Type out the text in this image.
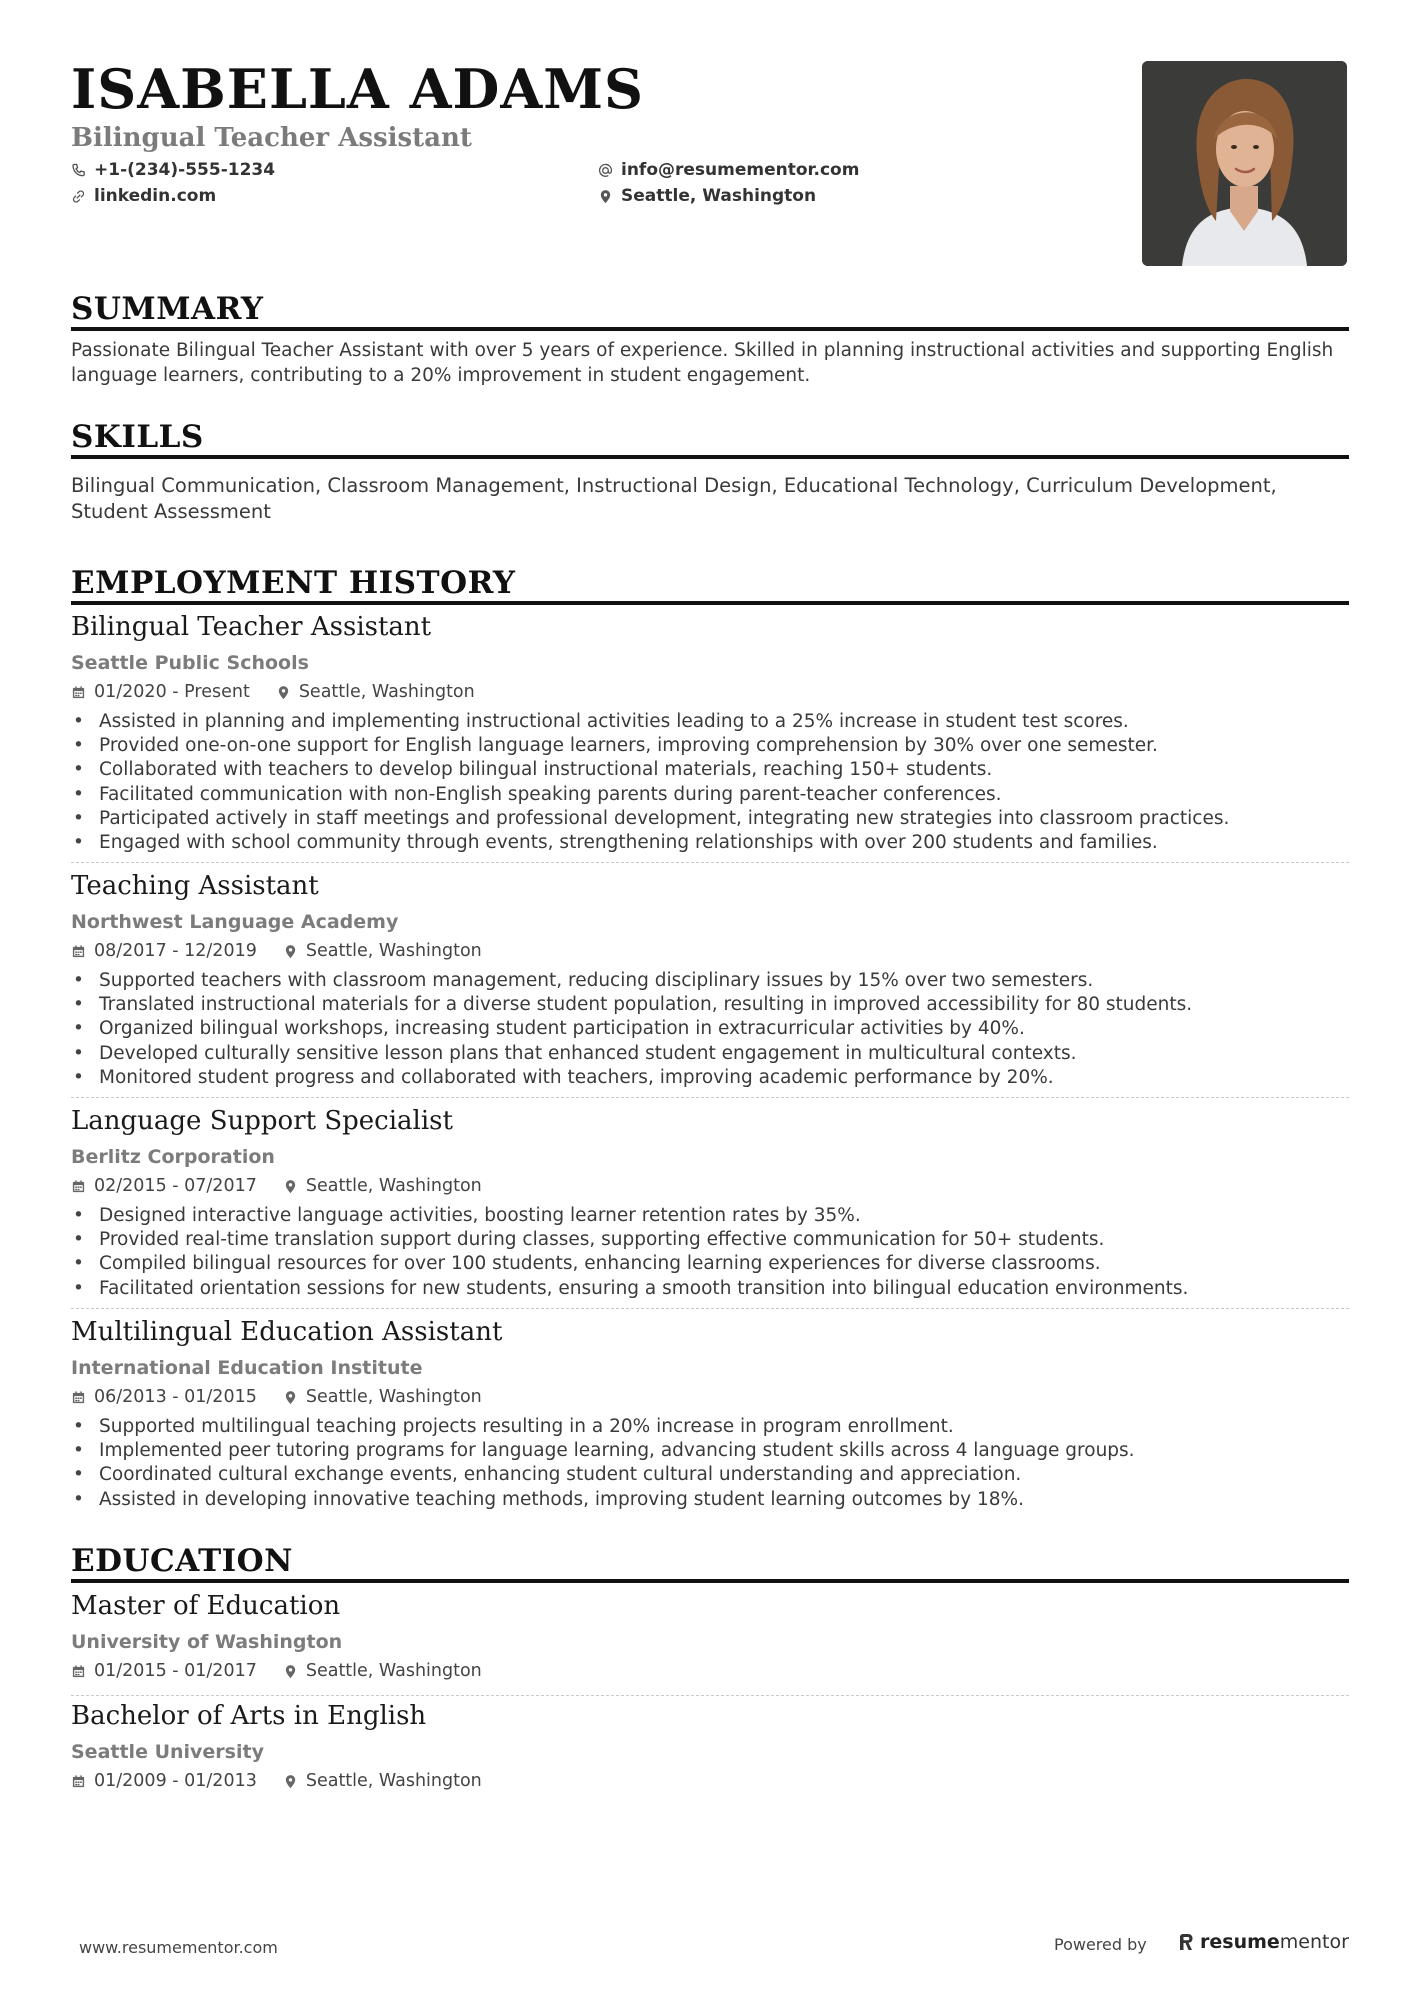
ISABELLA ADAMS
Bilingual Teacher Assistant
+1-(234)-555-1234	info@resumementor.com
linkedin.com	Seattle, Washington
SUMMARY
Passionate Bilingual Teacher Assistant with over 5 years of experience. Skilled in planning instructional activities and supporting English language learners, contributing to a 20% improvement in student engagement.
SKILLS
Bilingual Communication, Classroom Management, Instructional Design, Educational Technology, Curriculum Development, Student Assessment
EMPLOYMENT HISTORY
Bilingual Teacher Assistant
Seattle Public Schools
01/2020 - Present	Seattle, Washington
• Assisted in planning and implementing instructional activities leading to a 25% increase in student test scores.
• Provided one-on-one support for English language learners, improving comprehension by 30% over one semester.
• Collaborated with teachers to develop bilingual instructional materials, reaching 150+ students.
• Facilitated communication with non-English speaking parents during parent-teacher conferences.
• Participated actively in staff meetings and professional development, integrating new strategies into classroom practices.
• Engaged with school community through events, strengthening relationships with over 200 students and families.
Teaching Assistant
Northwest Language Academy
08/2017 - 12/2019	Seattle, Washington
• Supported teachers with classroom management, reducing disciplinary issues by 15% over two semesters.
• Translated instructional materials for a diverse student population, resulting in improved accessibility for 80 students.
• Organized bilingual workshops, increasing student participation in extracurricular activities by 40%.
• Developed culturally sensitive lesson plans that enhanced student engagement in multicultural contexts.
• Monitored student progress and collaborated with teachers, improving academic performance by 20%.
Language Support Specialist
Berlitz Corporation
02/2015 - 07/2017	Seattle, Washington
• Designed interactive language activities, boosting learner retention rates by 35%.
• Provided real-time translation support during classes, supporting effective communication for 50+ students.
• Compiled bilingual resources for over 100 students, enhancing learning experiences for diverse classrooms.
• Facilitated orientation sessions for new students, ensuring a smooth transition into bilingual education environments.
Multilingual Education Assistant
International Education Institute
06/2013 - 01/2015	Seattle, Washington
• Supported multilingual teaching projects resulting in a 20% increase in program enrollment.
• Implemented peer tutoring programs for language learning, advancing student skills across 4 language groups.
• Coordinated cultural exchange events, enhancing student cultural understanding and appreciation.
• Assisted in developing innovative teaching methods, improving student learning outcomes by 18%.
EDUCATION
Master of Education
University of Washington
01/2015 - 01/2017	Seattle, Washington
Bachelor of Arts in English
Seattle University
01/2009 - 01/2013	Seattle, Washington
www.resumementor.com	Powered by	resumementor
